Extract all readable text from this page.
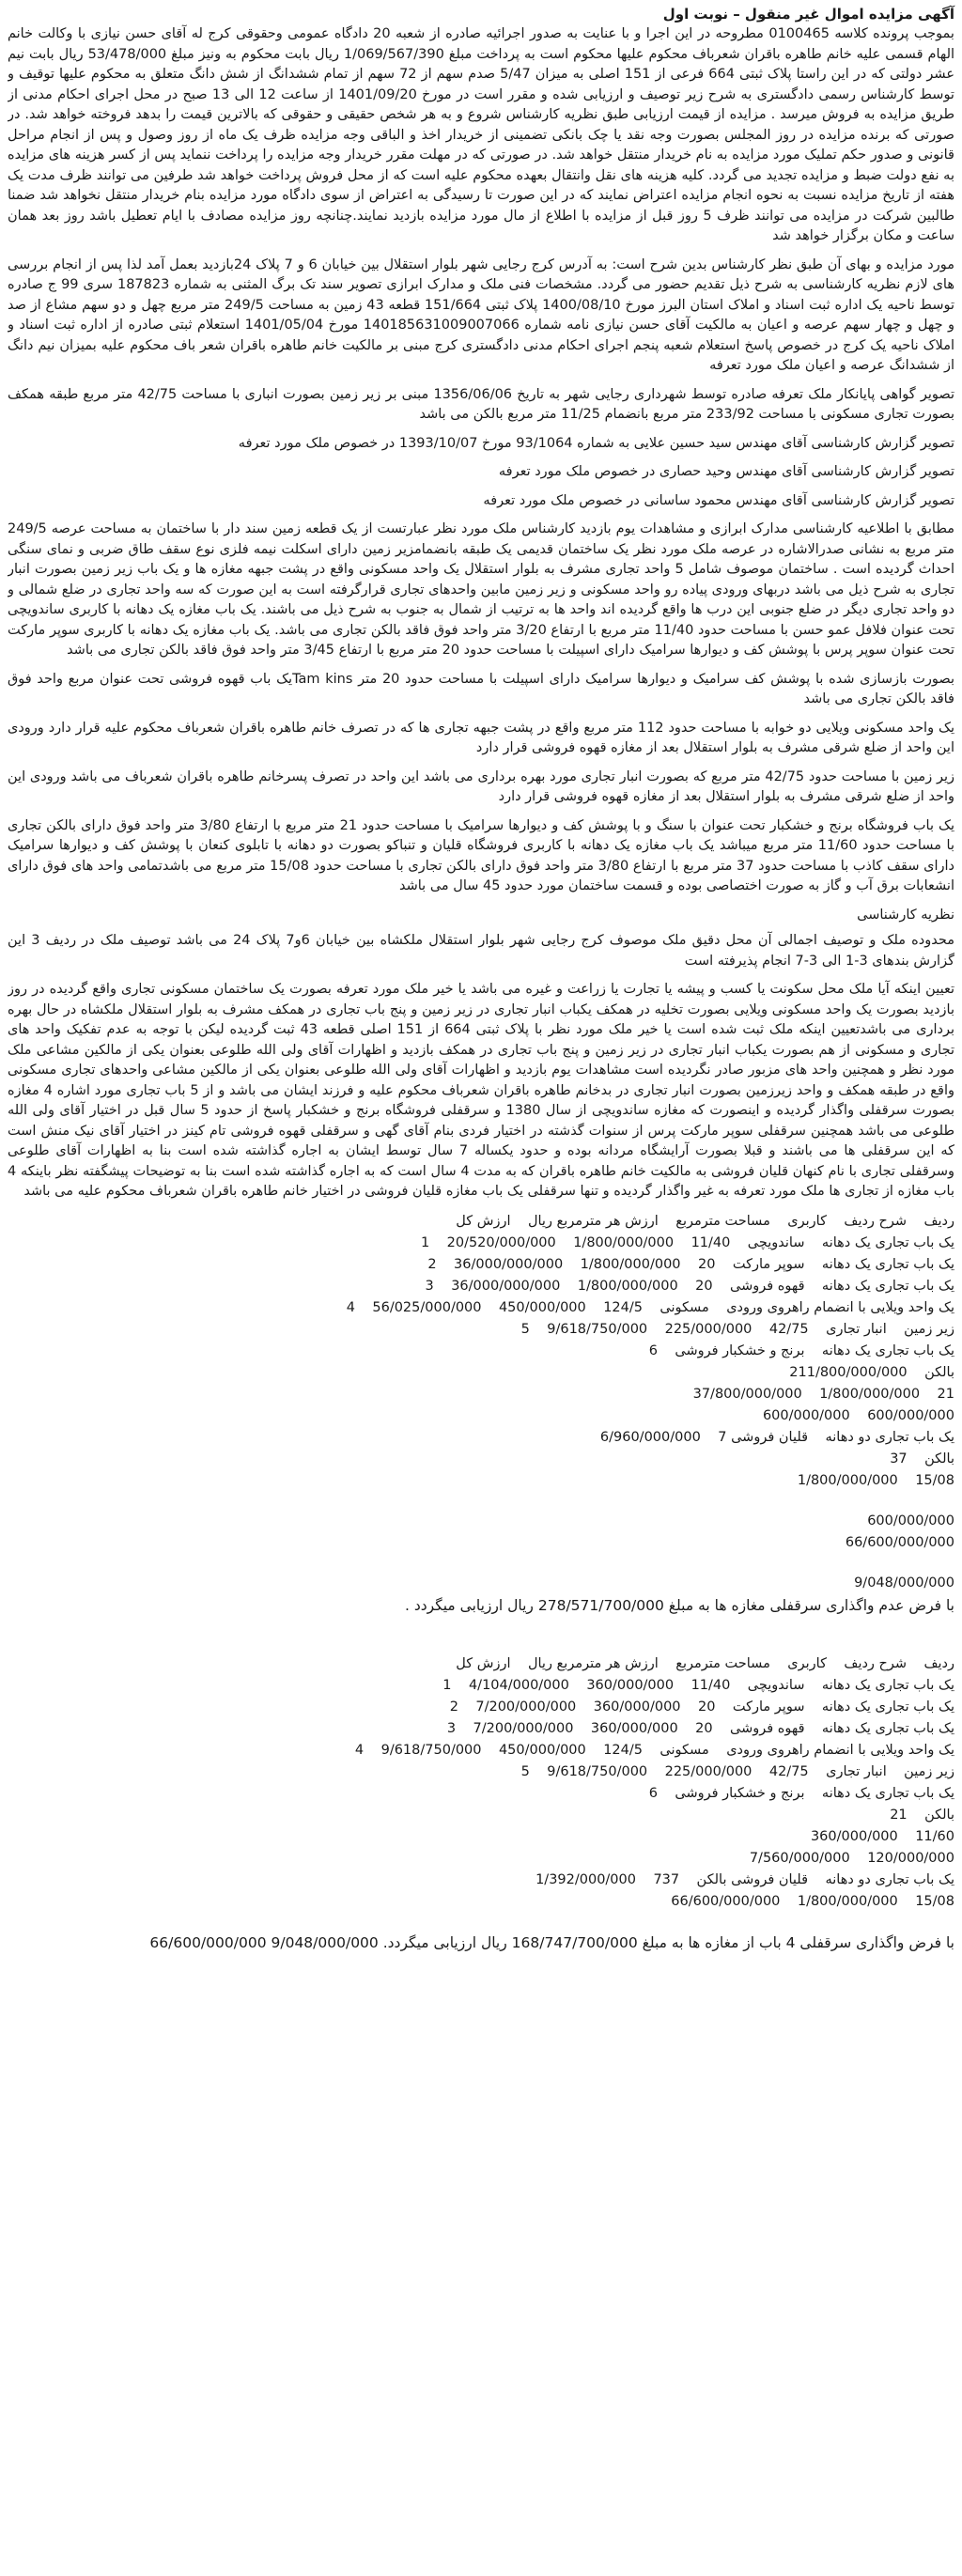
آگهی مزایده اموال غیر منقول – نوبت اول

بموجب پرونده کلاسه 0100465 مطروحه در این اجرا و با عنایت به صدور اجرائیه صادره از شعبه 20 دادگاه عمومی وحقوقی کرج له آقای حسن نیازی با وکالت خانم الهام قسمی علیه خانم طاهره باقران شعرباف محکوم علیها محکوم است به پرداخت مبلغ 1/069/567/390 ریال بابت محکوم به ونیز مبلغ 53/478/000 ریال بابت نیم عشر دولتی که در این راستا پلاک ثبتی 664 فرعی از 151 اصلی به میزان 5/47 صدم سهم از 72 سهم از تمام ششدانگ از شش دانگ متعلق به محکوم علیها توقیف و توسط کارشناس رسمی دادگستری به شرح زیر توصیف و ارزیابی شده و مقرر است در مورخ 1401/09/20 از ساعت 12 الی 13 صبح در محل اجرای احکام مدنی از طریق مزایده به فروش میرسد . مزایده از قیمت ارزیابی طبق نظریه کارشناس شروع و به هر شخص حقیقی و حقوقی که بالاترین قیمت را بدهد فروخته خواهد شد. در صورتی که برنده مزایده در روز المجلس بصورت وجه نقد یا چک بانکی تضمینی از خریدار اخذ و الباقی وجه مزایده ظرف یک ماه از روز وصول و پس از انجام مراحل قانونی و صدور حکم تملیک مورد مزایده به نام خریدار منتقل خواهد شد. در صورتی که در مهلت مقرر خریدار وجه مزایده را پرداخت ننماید پس از کسر هزینه های مزایده به نفع دولت ضبط و مزایده تجدید می گردد. کلیه هزینه های نقل وانتقال بعهده محکوم علیه است که از محل فروش پرداخت خواهد شد طرفین می توانند ظرف مدت یک هفته از تاریخ مزایده نسبت به نحوه انجام مزایده اعتراض نمایند که در این صورت تا رسیدگی به اعتراض از سوی دادگاه مورد مزایده بنام خریدار منتقل نخواهد شد ضمنا طالبین شرکت در مزایده می توانند ظرف 5 روز قبل از مزایده با اطلاع از مال مورد مزایده بازدید نمایند.چنانچه روز مزایده مصادف با ایام تعطیل باشد روز بعد همان ساعت و مکان برگزار خواهد شد

مورد مزایده و بهای آن طبق نظر کارشناس بدین شرح است: به آدرس کرج رجایی شهر بلوار استقلال بین خیابان 6 و 7 پلاک 24بازدید بعمل آمد لذا پس از انجام بررسی های لازم نظریه کارشناسی به شرح ذیل تقدیم حضور می گردد. مشخصات فنی ملک و مدارک ابرازی تصویر سند تک برگ المثنی به شماره 187823 سری 99 ج صادره توسط ناحیه یک اداره ثبت اسناد و املاک استان البرز مورخ 1400/08/10 پلاک ثبتی 151/664 قطعه 43 زمین به مساحت 249/5 متر مربع چهل و دو سهم مشاع از صد و چهل و چهار سهم عرصه و اعیان به مالکیت آقای حسن نیازی نامه شماره 140185631009007066 مورخ 1401/05/04 استعلام ثبتی صادره از اداره ثبت اسناد و املاک ناحیه یک کرج در خصوص پاسخ استعلام شعبه پنجم اجرای احکام مدنی دادگستری کرج مبنی بر مالکیت خانم طاهره باقران شعر باف محکوم علیه بمیزان نیم دانگ از ششدانگ عرصه و اعیان ملک مورد تعرفه

تصویر گواهی پایانکار ملک تعرفه صادره توسط شهرداری رجایی شهر به تاریخ 1356/06/06 مبنی بر زیر زمین بصورت انباری با مساحت 42/75 متر مربع طبقه همکف بصورت تجاری مسکونی با مساحت 233/92 متر مربع بانضمام 11/25 متر مربع بالکن می باشد

تصویر گزارش کارشناسی آقای مهندس سید حسین علایی به شماره 93/1064 مورخ 1393/10/07 در خصوص ملک مورد تعرفه

تصویر گزارش کارشناسی آقای مهندس وحید حصاری در خصوص ملک مورد تعرفه

تصویر گزارش کارشناسی آقای مهندس محمود ساسانی در خصوص ملک مورد تعرفه

مطابق با اطلاعیه کارشناسی مدارک ابرازی و مشاهدات یوم بازدید کارشناس ملک مورد نظر عبارتست از یک قطعه زمین سند دار با ساختمان به مساحت عرصه 249/5 متر مربع به نشانی صدرالاشاره در عرصه ملک مورد نظر یک ساختمان قدیمی یک طبقه بانضمامزیر زمین دارای اسکلت نیمه فلزی نوع سقف طاق ضربی و نمای سنگی احداث گردیده است . ساختمان موصوف شامل 5 واحد تجاری مشرف به بلوار استقلال یک واحد مسکونی واقع در پشت جبهه مغازه ها و یک باب زیر زمین بصورت انبار تجاری به شرح ذیل می باشد دربهای ورودی پیاده رو واحد مسکونی و زیر زمین مابین واحدهای تجاری قرارگرفته است به این صورت که سه واحد تجاری در ضلع شمالی و دو واحد تجاری دیگر در ضلع جنوبی این درب ها واقع گردیده اند واحد ها به ترتیب از شمال به جنوب به شرح ذیل می باشند. یک باب مغازه یک دهانه با کاربری ساندویچی تحت عنوان فلافل عمو حسن با مساحت حدود 11/40 متر مربع با ارتفاع 3/20 متر واحد فوق فاقد بالکن تجاری می باشد. یک باب مغازه یک دهانه با کاربری سوپر مارکت تحت عنوان سوپر پرس با پوشش کف و دیوارها سرامیک دارای اسپیلت با مساحت حدود 20 متر مربع با ارتفاع 3/45 متر واحد فوق فاقد بالکن تجاری می باشد

بصورت بازسازی شده با پوشش کف سرامیک و دیوارها سرامیک دارای اسپیلت با مساحت حدود 20 متر Tam kinsیک باب قهوه فروشی تحت عنوان مربع واحد فوق فاقد بالکن تجاری می باشد

یک واحد مسکونی ویلایی دو خوابه با مساحت حدود 112 متر مربع واقع در پشت جبهه تجاری ها که در تصرف خانم طاهره باقران شعرباف محکوم علیه قرار دارد ورودی این واحد از ضلع شرقی مشرف به بلوار استقلال بعد از مغازه قهوه فروشی قرار دارد

زیر زمین با مساحت حدود 42/75 متر مربع که بصورت انبار تجاری مورد بهره برداری می باشد این واحد در تصرف پسرخانم طاهره باقران شعرباف می باشد ورودی این واحد از ضلع شرقی مشرف به بلوار استقلال بعد از مغازه قهوه فروشی قرار دارد

یک باب فروشگاه برنج و خشکبار تحت عنوان با سنگ و با پوشش کف و دیوارها سرامیک با مساحت حدود 21 متر مربع با ارتفاع 3/80 متر واحد فوق دارای بالکن تجاری با مساحت حدود 11/60 متر مربع میباشد یک باب مغازه یک دهانه با کاربری فروشگاه قلیان و تنباکو بصورت دو دهانه با تابلوی کنعان با پوشش کف و دیوارها سرامیک دارای سقف کاذب با مساحت حدود 37 متر مربع با ارتفاع 3/80 متر واحد فوق دارای بالکن تجاری با مساحت حدود 15/08 متر مربع می باشدتمامی واحد های فوق دارای انشعابات برق آب و گاز به صورت اختصاصی بوده و قسمت ساختمان مورد حدود 45 سال می باشد

نظریه کارشناسی

محدوده ملک و توصیف اجمالی آن محل دقیق ملک موصوف کرج رجایی شهر بلوار استقلال ملکشاه بین خیابان 6و7 پلاک 24 می باشد توصیف ملک در ردیف 3 این گزارش بندهای 3-1 الی 3-7 انجام پذیرفته است

تعیین اینکه آیا ملک محل سکونت یا کسب و پیشه یا تجارت یا زراعت و غیره می باشد یا خیر ملک مورد تعرفه بصورت یک ساختمان مسکونی تجاری واقع گردیده در روز بازدید بصورت یک واحد مسکونی ویلایی بصورت تخلیه در همکف یکباب انبار تجاری در زیر زمین و پنج باب تجاری در همکف مشرف به بلوار استقلال ملکشاه در حال بهره برداری می باشدتعیین اینکه ملک ثبت شده است یا خیر ملک مورد نظر با پلاک ثبتی 664 از 151 اصلی قطعه 43 ثبت گردیده لیکن با توجه به عدم تفکیک واحد های تجاری و مسکونی از هم بصورت یکباب انبار تجاری در زیر زمین و پنج باب تجاری در همکف بازدید و اظهارات آقای ولی الله طلوعی بعنوان یکی از مالکین مشاعی ملک مورد نظر و همچنین واحد های مزبور صادر نگردیده است مشاهدات یوم بازدید و اظهارات آقای ولی الله طلوعی بعنوان یکی از مالکین مشاعی واحدهای تجاری مسکونی واقع در طبقه همکف و واحد زیرزمین بصورت انبار تجاری در بدخانم طاهره باقران شعرباف محکوم علیه و فرزند ایشان می باشد و از 5 باب تجاری مورد اشاره 4 مغازه بصورت سرقفلی واگذار گردیده و اینصورت که مغازه ساندویچی از سال 1380 و سرقفلی فروشگاه برنج و خشکبار پاسخ از حدود 5 سال قبل در اختیار آقای ولی الله طلوعی می باشد همچنین سرقفلی سوپر مارکت پرس از سنوات گذشته در اختیار فردی بنام آقای گهی و سرقفلی قهوه فروشی تام کینز در اختیار آقای نیک منش است که این سرقفلی ها می باشند و قبلا بصورت آرایشگاه مردانه بوده و حدود یکساله 7 سال توسط ایشان به اجاره گذاشته شده است بنا به اظهارات آقای طلوعی وسرقفلی تجاری با نام کنهان قلیان فروشی به مالکیت خانم طاهره باقران که به مدت 4 سال است که به اجاره گذاشته شده است بنا به توضیحات پیشگفته نظر باینکه 4 باب مغازه از تجاری ها ملک مورد تعرفه به غیر واگذار گردیده و تنها سرقفلی یک باب مغازه قلیان فروشی در اختیار خانم طاهره باقران شعرباف محکوم علیه می باشد

ردیف    شرح ردیف    کاربری    مساحت مترمربع    ارزش هر مترمربع ریال    ارزش کل
یک باب تجاری یک دهانه    ساندویچی    11/40    1/800/000/000    20/520/000/000    1
یک باب تجاری یک دهانه    سوپر مارکت    20    1/800/000/000    36/000/000/000    2
یک باب تجاری یک دهانه    قهوه فروشی    20    1/800/000/000    36/000/000/000    3
یک واحد ویلایی با انضمام راهروی ورودی    مسکونی    124/5    450/000/000    56/025/000/000    4
زیر زمین    انبار تجاری    42/75    225/000/000    9/618/750/000    5
یک باب تجاری یک دهانه    برنج و خشکبار فروشی    6
بالکن    211/800/000/000
21    1/800/000/000    37/800/000/000
600/000/000    600/000/000
یک باب تجاری دو دهانه    قلیان فروشی 7    6/960/000/000
بالکن    37
15/08    1/800/000/000
600/000/000
66/600/000/000
9/048/000/000
با فرض عدم واگذاری سرقفلی مغازه ها به مبلغ 278/571/700/000 ریال ارزیابی میگردد .
ردیف    شرح ردیف    کاربری    مساحت مترمربع    ارزش هر مترمربع ریال    ارزش کل
یک باب تجاری یک دهانه    ساندویچی    11/40    360/000/000    4/104/000/000    1
یک باب تجاری یک دهانه    سوپر مارکت    20    360/000/000    7/200/000/000    2
یک باب تجاری یک دهانه    قهوه فروشی    20    360/000/000    7/200/000/000    3
یک واحد ویلایی با انضمام راهروی ورودی    مسکونی    124/5    450/000/000    9/618/750/000    4
زیر زمین    انبار تجاری    42/75    225/000/000    9/618/750/000    5
یک باب تجاری یک دهانه    برنج و خشکبار فروشی    6
بالکن    21
11/60    360/000/000
120/000/000    7/560/000/000
یک باب تجاری دو دهانه    قلیان فروشی بالکن    737    1/392/000/000
15/08    1/800/000/000    66/600/000/000
با فرض واگذاری سرقفلی 4 باب از مغازه ها به مبلغ 168/747/700/000 ریال ارزیابی میگردد. 9/048/000/000 66/600/000/000
